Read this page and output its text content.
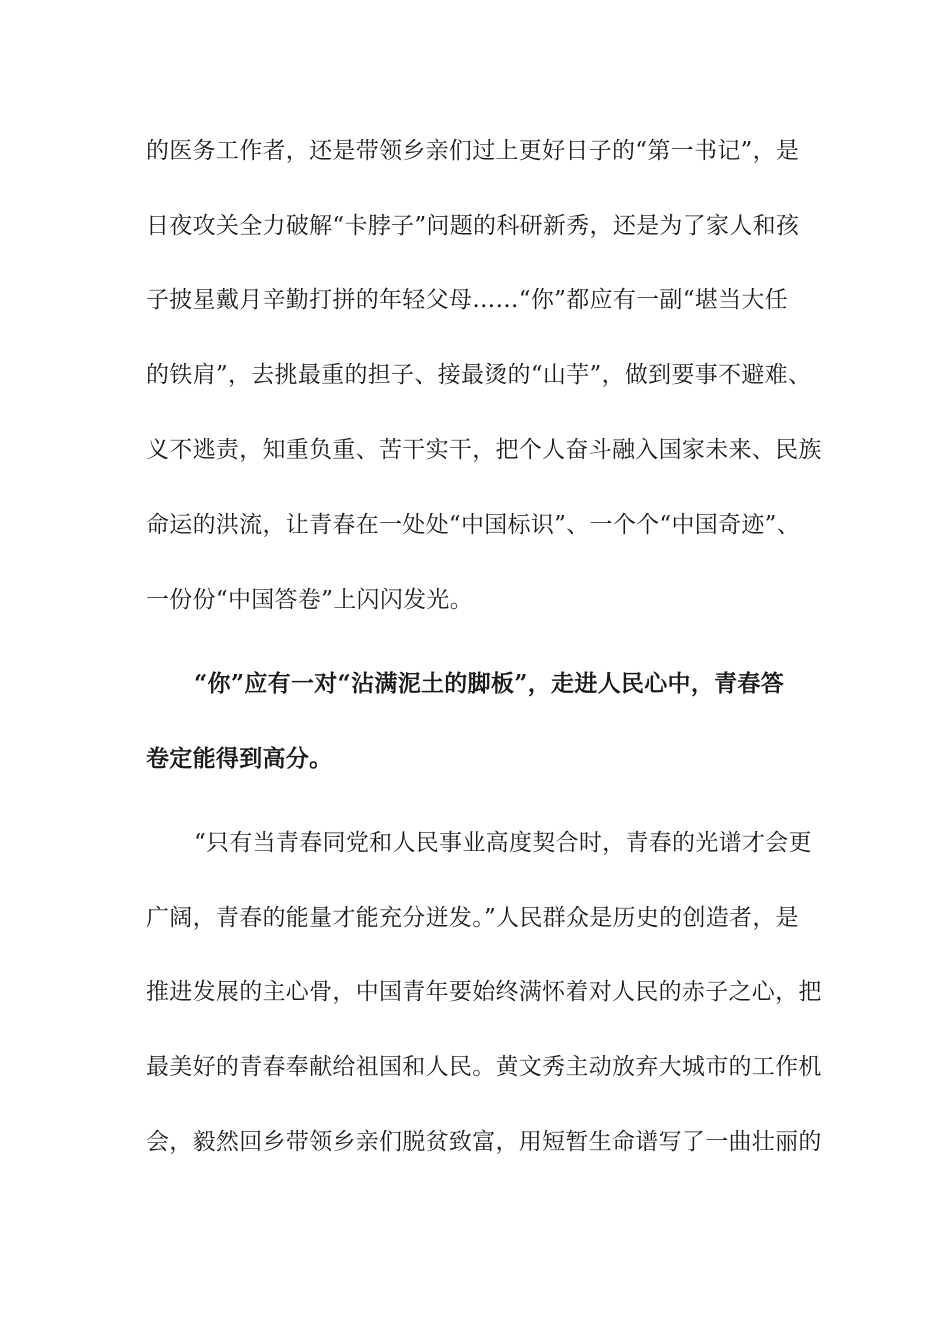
的医务工作者，还是带领乡亲们过上更好日子的“第一书记”，是
日夜攻关全力破解“卡脖子”问题的科研新秀，还是为了家人和孩
子披星戴月辛勤打拼的年轻父母……“你”都应有一副“堪当大任
的铁肩”，去挑最重的担子、接最烫的“山芋”，做到要事不避难、
义不逃责，知重负重、苦干实干，把个人奋斗融入国家未来、民族
命运的洪流，让青春在一处处“中国标识”、一个个“中国奇迹”、
一份份“中国答卷”上闪闪发光。
“你”应有一对“沾满泥土的脚板”，走进人民心中，青春答
卷定能得到高分。
“只有当青春同党和人民事业高度契合时，青春的光谱才会更
广阔，青春的能量才能充分迸发。”人民群众是历史的创造者，是
推进发展的主心骨，中国青年要始终满怀着对人民的赤子之心，把
最美好的青春奉献给祖国和人民。黄文秀主动放弃大城市的工作机
会，毅然回乡带领乡亲们脱贫致富，用短暂生命谱写了一曲壮丽的
